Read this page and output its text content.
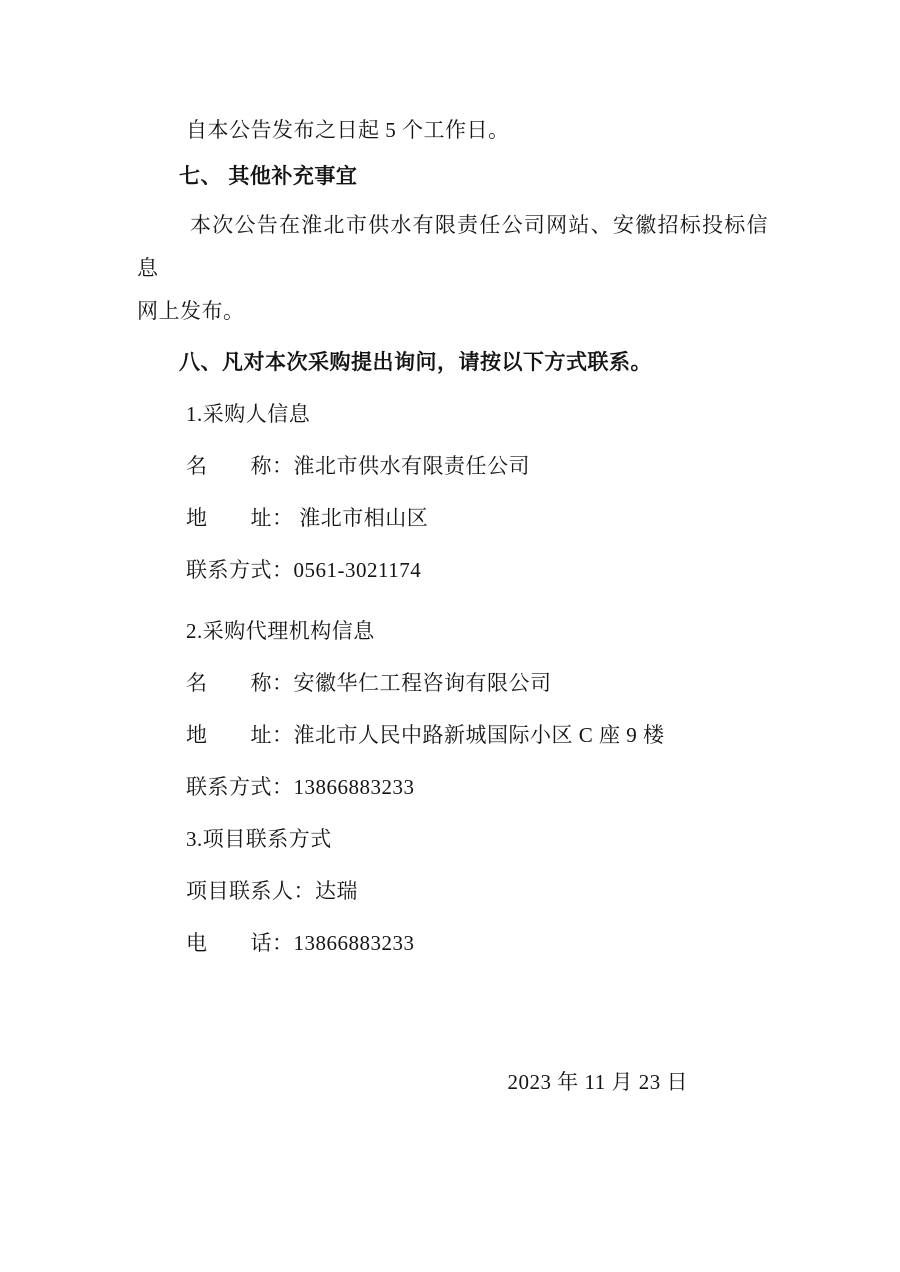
自本公告发布之日起 5 个工作日。

七、 其他补充事宜

本次公告在淮北市供水有限责任公司网站、安徽招标投标信息
网上发布。

八、凡对本次采购提出询问，请按以下方式联系。

1.采购人信息

名　　称：淮北市供水有限责任公司

地　　址： 淮北市相山区

联系方式：0561-3021174

2.采购代理机构信息

名　　称：安徽华仁工程咨询有限公司

地　　址：淮北市人民中路新城国际小区 C 座 9 楼

联系方式：13866883233

3.项目联系方式

项目联系人：达瑞

电　　话：13866883233

2023 年 11 月 23 日
